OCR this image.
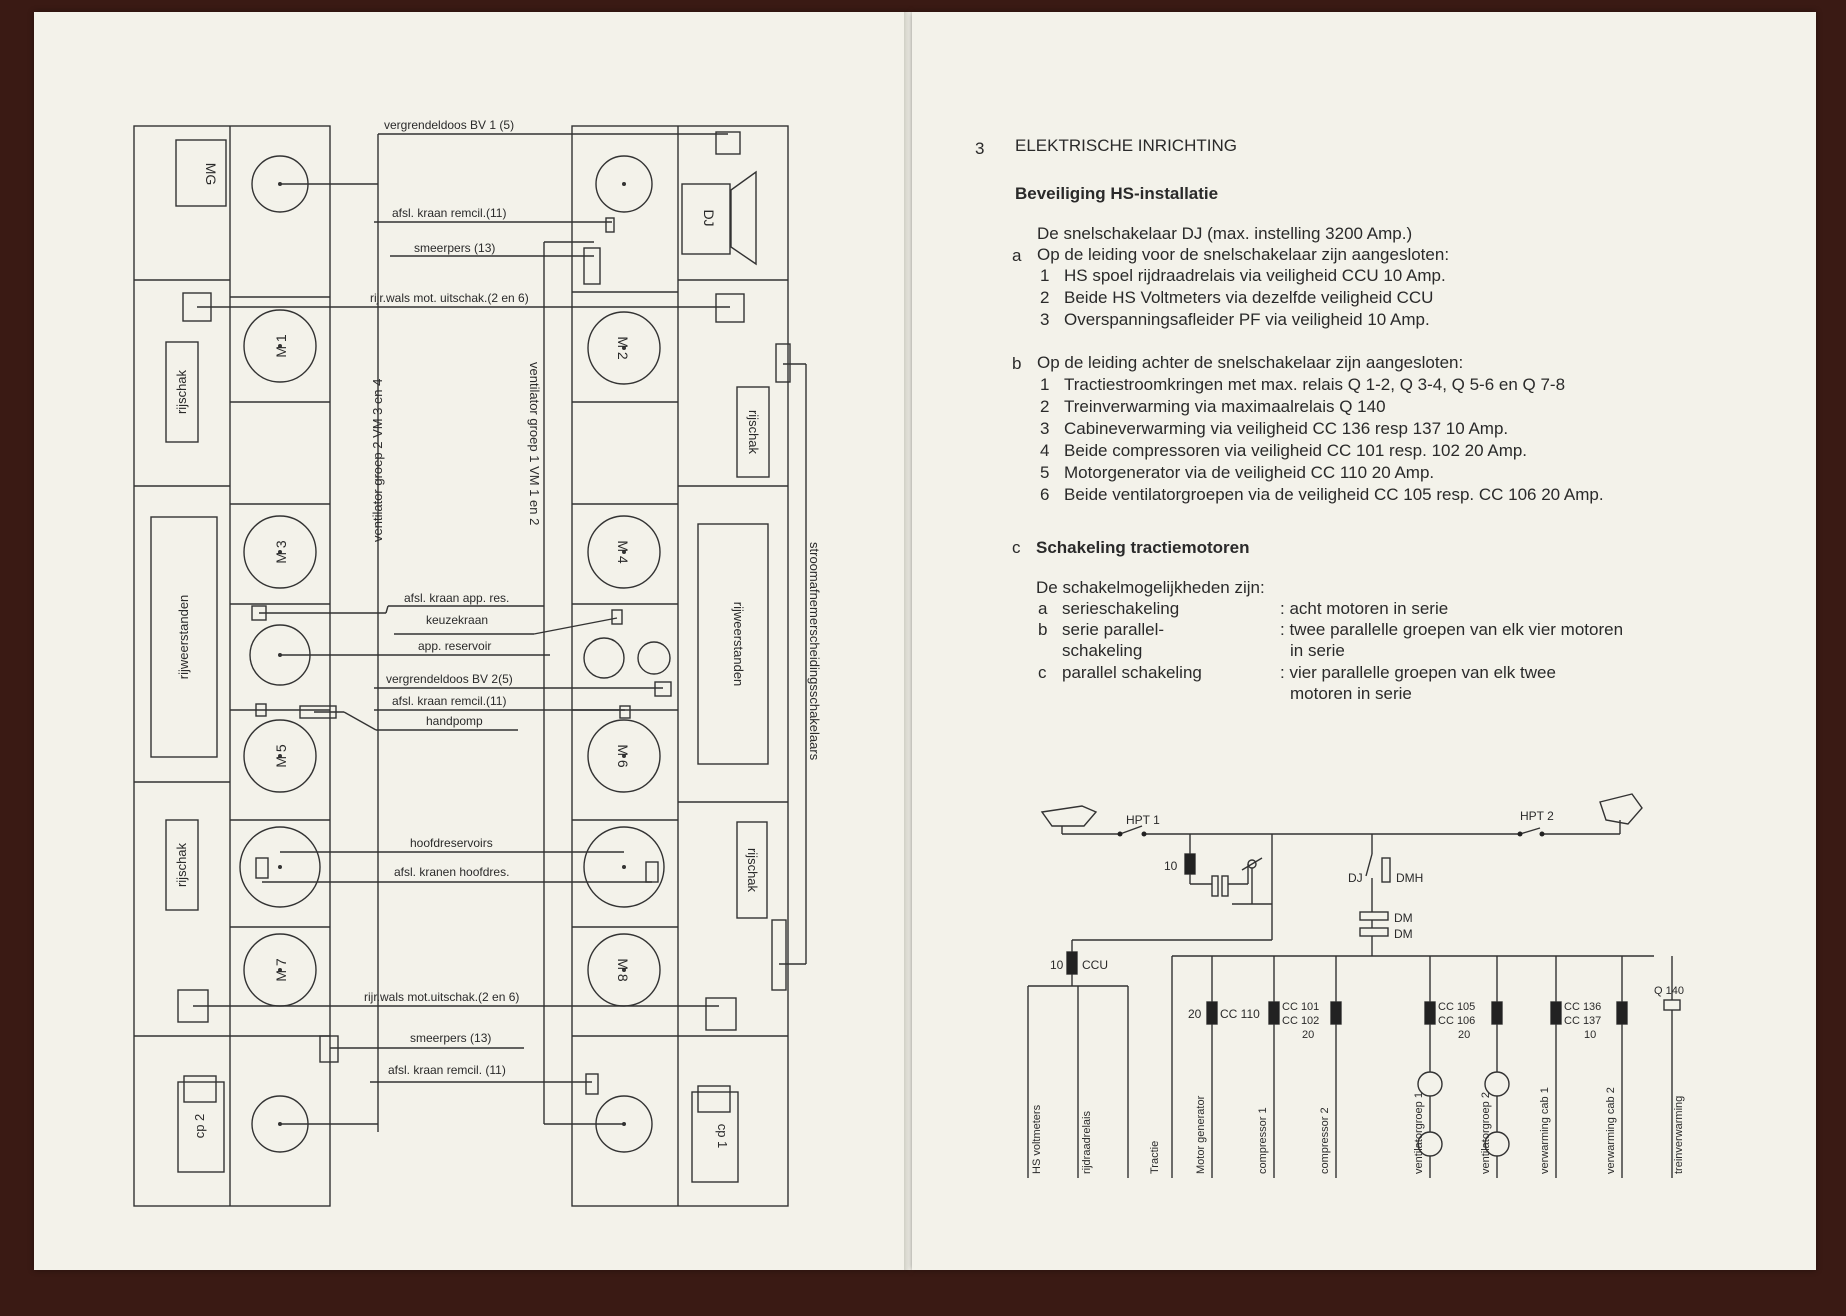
MG
DJ
rijschak
rijschak
rijschak
rijschak
rijweerstanden	rijweerstanden
cp 2	cp 1
M 1	M 2
M 3	M 4
M 5	M 6
M 7	M 8
vergrendeldoos BV 1 (5)
afsl. kraan remcil.(11)
smeerpers (13)
rijr.wals mot. uitschak.(2 en 6)
afsl. kraan app. res.
keuzekraan
app. reservoir
vergrendeldoos BV 2(5)
afsl. kraan remcil.(11)
handpomp
hoofdreservoirs
afsl. kranen hoofdres.
rijr.wals mot.uitschak.(2 en 6)
smeerpers (13)
afsl. kraan remcil. (11)
ventilator groep 2 VM 3 en 4	ventilator groep 1 VM 1 en 2
stroomafnemerscheidingsschakelaars
3 ELEKTRISCHE INRICHTING
Beveiliging HS-installatie
De snelschakelaar DJ (max. instelling 3200 Amp.)
a Op de leiding voor de snelschakelaar zijn aangesloten:
1 HS spoel rijdraadrelais via veiligheid CCU 10 Amp.
2 Beide HS Voltmeters via dezelfde veiligheid CCU
3 Overspanningsafleider PF via veiligheid 10 Amp.
b Op de leiding achter de snelschakelaar zijn aangesloten:
1 Tractiestroomkringen met max. relais Q 1-2, Q 3-4, Q 5-6 en Q 7-8
2 Treinverwarming via maximaalrelais Q 140
3 Cabineverwarming via veiligheid CC 136 resp 137 10 Amp.
4 Beide compressoren via veiligheid CC 101 resp. 102 20 Amp.
5 Motorgenerator via de veiligheid CC 110 20 Amp.
6 Beide ventilatorgroepen via de veiligheid CC 105 resp. CC 106 20 Amp.
c Schakeling tractiemotoren
De schakelmogelijkheden zijn:
a serieschakeling	: acht motoren in serie
b serie parallel-
schakeling
: twee parallelle groepen van elk vier motoren
in serie
c parallel schakeling	: vier parallelle groepen van elk twee
motoren in serie
HPT 1	HPT 2
10
DJ	DMH
DM
DM
10 CCU
20 CC 110 CC 101
CC 102
20
CC 105
CC 106
20
CC 136
CC 137
10
Q 140
HS voltmeters	rijdraadrelais	Tractie	Motor generator	compressor 1	compressor 2	ventilatorgroep 1	ventilatorgroep 2	verwarming cab 1	verwarming cab 2	treinverwarming
